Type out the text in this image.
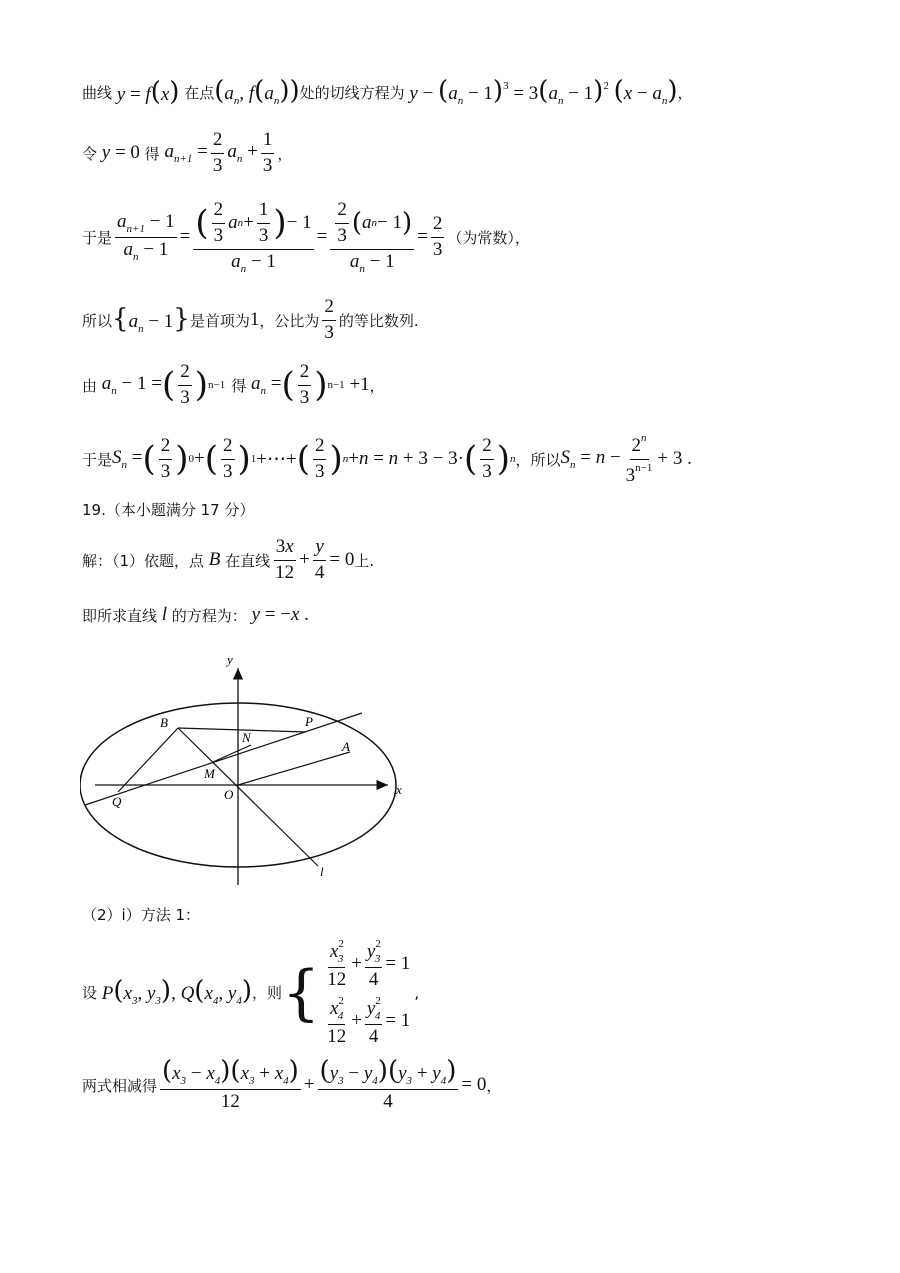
曲线 y = f(x) 在点 ($a_n$, $f(a_n)$) 处的切线方程为 $y - (a_n - 1)^3 = 3(a_n - 1)^2$ $(x - a_n)$ ，
令 y = 0 得 $a_{n+1} = \frac{2}{3} a_n + \frac{1}{3}$ ，
于是 $\frac{a_{n+1} - 1}{a_n - 1} = \frac{( \frac{2}{3} a n + \frac{1}{3} ) - 1}{a_n - 1} = \frac{\frac{2}{3} ( a n - 1 )}{a_n - 1} = \frac{2}{3}$ （为常数），
所以 $\{a_n - 1\}$ 是首项为 1 ，公比为 $\frac{2}{3}$ 的等比数列.
由 $a_n - 1$ = ( $\frac{2}{3}$ ) n−1 得 $a_n$ = ( $\frac{2}{3}$ ) n−1 +1 ，
于是 $S_n$ = ( $\frac{2}{3}$ ) 0 + ( $\frac{2}{3}$ ) 1 +⋯+ ( $\frac{2}{3}$ ) n +n = n + 3 − 3· ( $\frac{2}{3}$ ) n ，所以 $S_n = n - \frac{2^n}{3^{n-1}} + 3$ .
19.（本小题满分 17 分）
解：（1）依题，点 B 在直线 $\frac{3x}{12} + \frac{y}{4} = 0$ 上.
即所求直线 l 的方程为： y = −x .
y
x
O
B	P
N
A
M
Q
l
（2）i）方法 1：
设 $P(x_3$, $y_3$), $Q(x_4$, $y_4$) ，则 { $\frac{x^2_3}{12} + \frac{y^2_3}{4} = 1$
$\frac{x^2_4}{12} + \frac{y^2_4}{4} = 1$
,
两式相减得 $\frac{(x_3 - x_4)(x_3 + x_4)}{12} + \frac{(y_3 - y_4)(y_3 + y_4)}{4} = 0$ ，
